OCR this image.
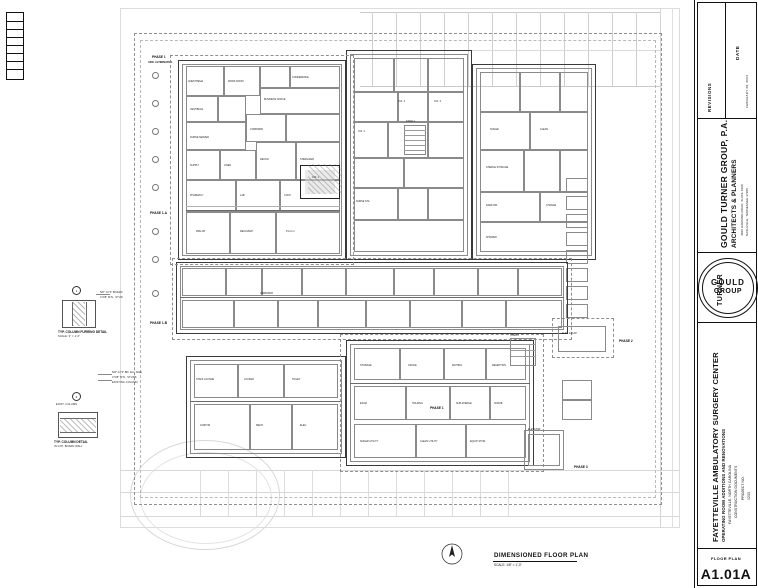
PHASE 1
ADD. ALTERNATE 1
PHASE 1-A
PHASE 1-B
PHASE 2
PHASE 1
PHASE 3
O.R. 1
O.R. 2
O.R. 3	O.R. 4
PRE-OP	RECOVERY	P.A.C.U.
CORRIDOR
SOILED	CLEAN
STERILE STORAGE
NURSE STA.
STAFF LOUNGE	LOCKER	TOILET
JANITOR	MECH.	ELEC.
STORAGE	OFFICE	WAITING	RECEPTION
EXAM	HOLDING	SUB-STERILE	SCRUB
SOILED UTILITY	CLEAN UTILITY	EQUIP. STOR.
ANESTHESIA	WORK ROOM
CONFERENCE
BUSINESS OFFICE
VESTIBULE
CORRIDOR
NURSE SERVER
SUPPLY	LINEN
DECON.	STERILIZER
PHARMACY	LAB	X-RAY
DARK RM.	CHANGE
SHOWER
ELEV. EQUIP.
STAIR 1
STAIR 2
ELEVATOR
1
TYP. COLUMN FURRING DETAIL
SCALE: 3" = 1'-0"
5/8" GYP. BOARD
3 5/8" MTL. STUD
2
TYP. COLUMN DETAIL
IN GYP. BOARD WALL
5/8" GYP. BD. EA. SIDE
3 5/8" MTL. STUDS
EXISTING COLUMN
EXIST. COLUMN
DIMENSIONED FLOOR PLAN
SCALE: 1/8" = 1'-0"
REVISIONS
DATE
FEBRUARY 28, 2003
GOULD TURNER GROUP, P.A. ARCHITECTS & PLANNERS 4400 HARDING ROAD, SUITE 1000 NASHVILLE, TENNESSEE 37205
GOULD
GROUP
TURNER
FAYETTEVILLE AMBULATORY SURGERY CENTER OPERATING ROOM ADDITIONS AND RENOVATIONS FAYETTEVILLE, NORTH CAROLINA CONSTRUCTION DOCUMENTS PROJECT NO. 0233
FLOOR PLAN
A1.01A
